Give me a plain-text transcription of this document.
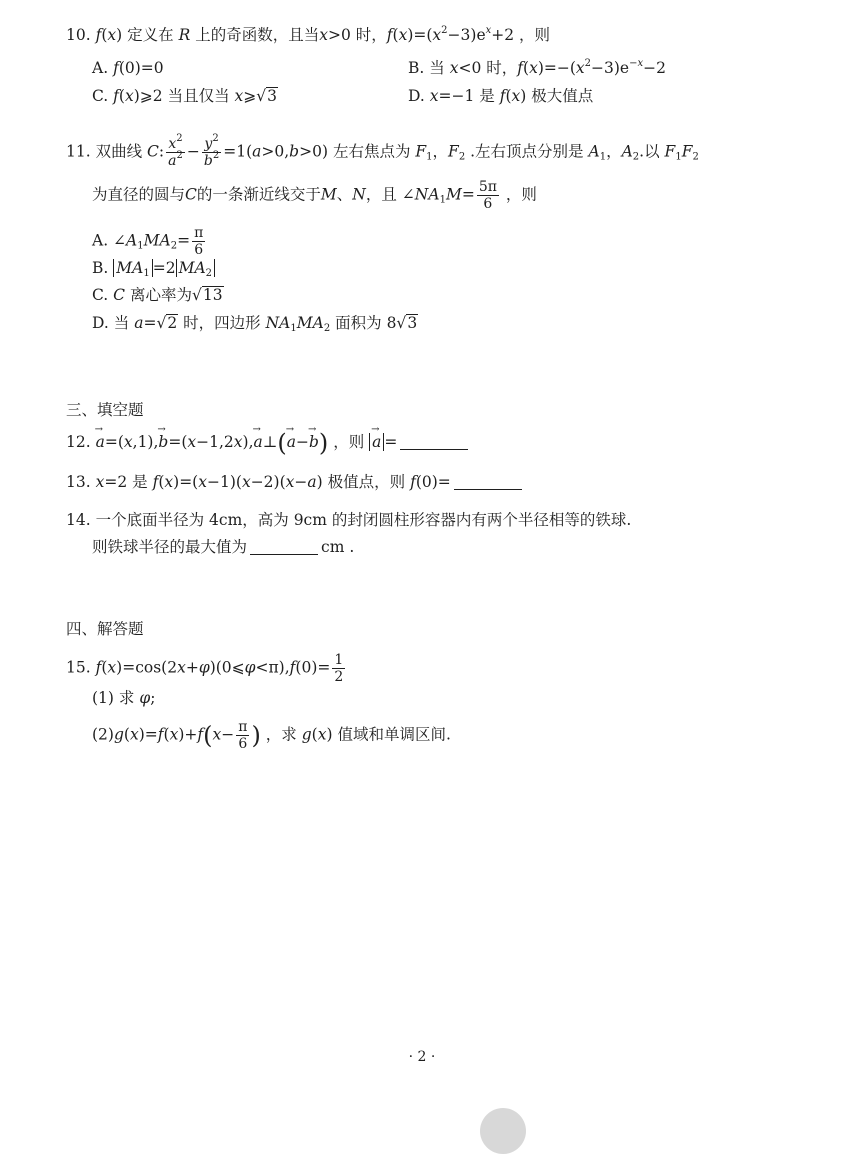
10. f(x) 定义在 R 上的奇函数，且当x>0 时，$f(x)=(x^2-3)e^x+2$ ，则
A. f(0)=0	B. 当 x<0 时，$f(x)=-(x^2-3)e^{-x}-2$
C. f(x)⩾2 当且仅当 x⩾√3	D. x=−1 是 f(x) 极大值点
11. 双曲线 C: $\frac{x^2}{a^2} - \frac{y^2}{b^2} =1(a>0,b>0)$ 左右焦点为 $F_1$，$F_2$ .左右顶点分别是 $A_1$，$A_2$.以 $F_1F_2$
为直径的圆与C的一条渐近线交于M、N，且 $\angle NA_1M= \frac{5\pi}{6}$ ，则
A. $\angle A_1MA_2= \frac{\pi}{6}$
B. $MA_1 =2$ $MA_2$
C. C 离心率为√13
D. 当 a=√2 时，四边形 $NA_1MA_2$ 面积为 8√3
三、填空题
12. → a=(x,1),→ b=(x−1,2x),→ a⊥(→ a−→ b) ，则 → a =
13. x=2 是 f(x)=(x−1)(x−2)(x−a) 极值点，则 f(0)=
14. 一个底面半径为 4cm，高为 9cm 的封闭圆柱形容器内有两个半径相等的铁球.
则铁球半径的最大值为	cm .
四、解答题
15. f(x)=cos(2x+φ)(0⩽φ<π),f(0)= $\frac{1}{2}$
(1) 求 φ;
$(2)g(x)=f(x)+f(x- \frac{\pi}{6}$ ) ，求 g(x) 值域和单调区间.
· 2 ·
